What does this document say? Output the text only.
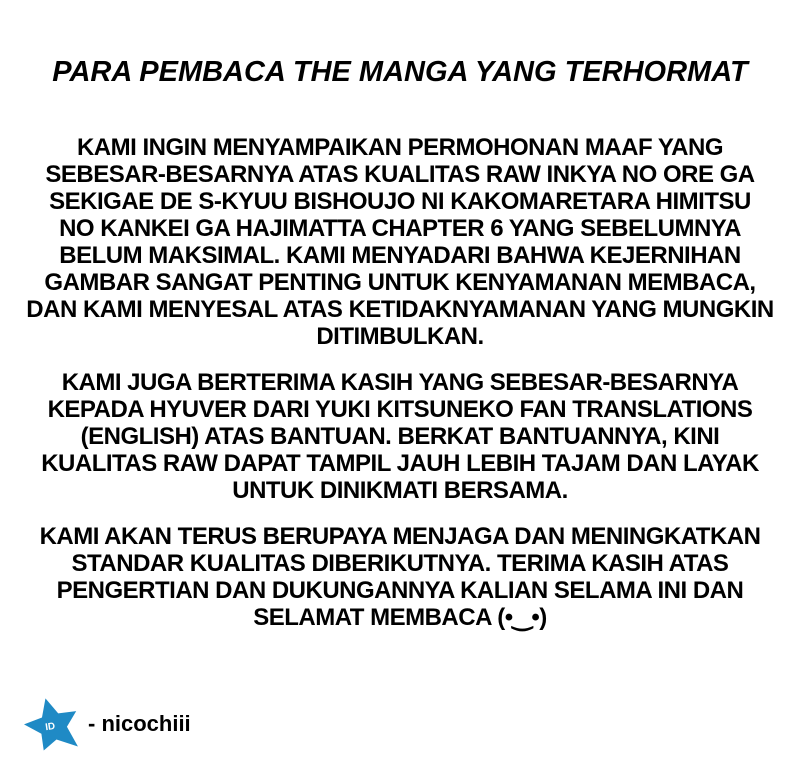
PARA PEMBACA THE MANGA YANG TERHORMAT
KAMI INGIN MENYAMPAIKAN PERMOHONAN MAAF YANG
SEBESAR-BESARNYA ATAS KUALITAS RAW INKYA NO ORE GA
SEKIGAE DE S-KYUU BISHOUJO NI KAKOMARETARA HIMITSU
NO KANKEI GA HAJIMATTA CHAPTER 6 YANG SEBELUMNYA
BELUM MAKSIMAL. KAMI MENYADARI BAHWA KEJERNIHAN
GAMBAR SANGAT PENTING UNTUK KENYAMANAN MEMBACA,
DAN KAMI MENYESAL ATAS KETIDAKNYAMANAN YANG MUNGKIN
DITIMBULKAN.
KAMI JUGA BERTERIMA KASIH YANG SEBESAR-BESARNYA
KEPADA HYUVER DARI YUKI KITSUNEKO FAN TRANSLATIONS
(ENGLISH) ATAS BANTUAN. BERKAT BANTUANNYA, KINI
KUALITAS RAW DAPAT TAMPIL JAUH LEBIH TAJAM DAN LAYAK
UNTUK DINIKMATI BERSAMA.
KAMI AKAN TERUS BERUPAYA MENJAGA DAN MENINGKATKAN
STANDAR KUALITAS DIBERIKUTNYA. TERIMA KASIH ATAS
PENGERTIAN DAN DUKUNGANNYA KALIAN SELAMA INI DAN
SELAMAT MEMBACA (•‿•)
ID - nicochiii
